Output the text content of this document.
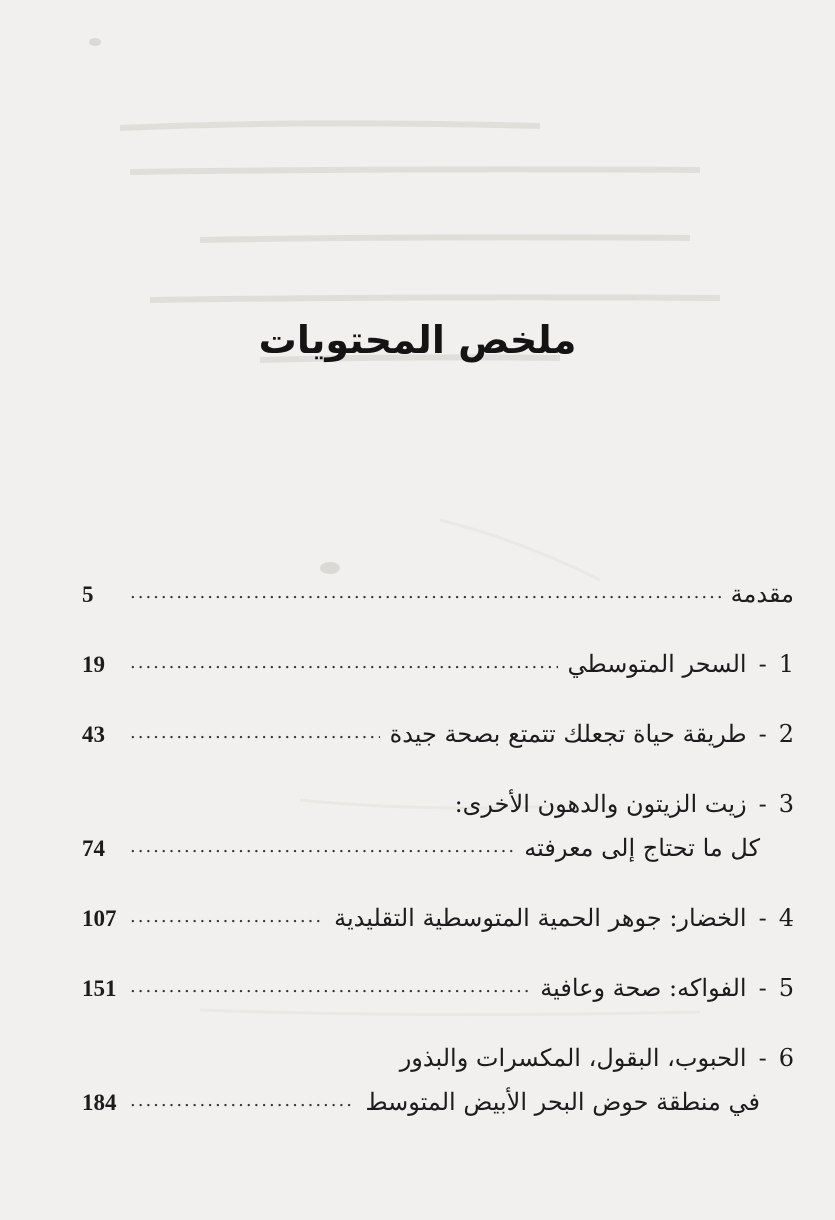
ملخص المحتويات
مقدمة
.....
5
1
-
السحر المتوسطي
.....
19
2
-
طريقة حياة تجعلك تتمتع بصحة جيدة
.....
43
3
-
زيت الزيتون والدهون الأخرى:
كل ما تحتاج إلى معرفته
.....
74
4
-
الخضار: جوهر الحمية المتوسطية التقليدية
.....
107
5
-
الفواكه: صحة وعافية
.....
151
6
-
الحبوب، البقول، المكسرات والبذور
في منطقة حوض البحر الأبيض المتوسط
.....
184
